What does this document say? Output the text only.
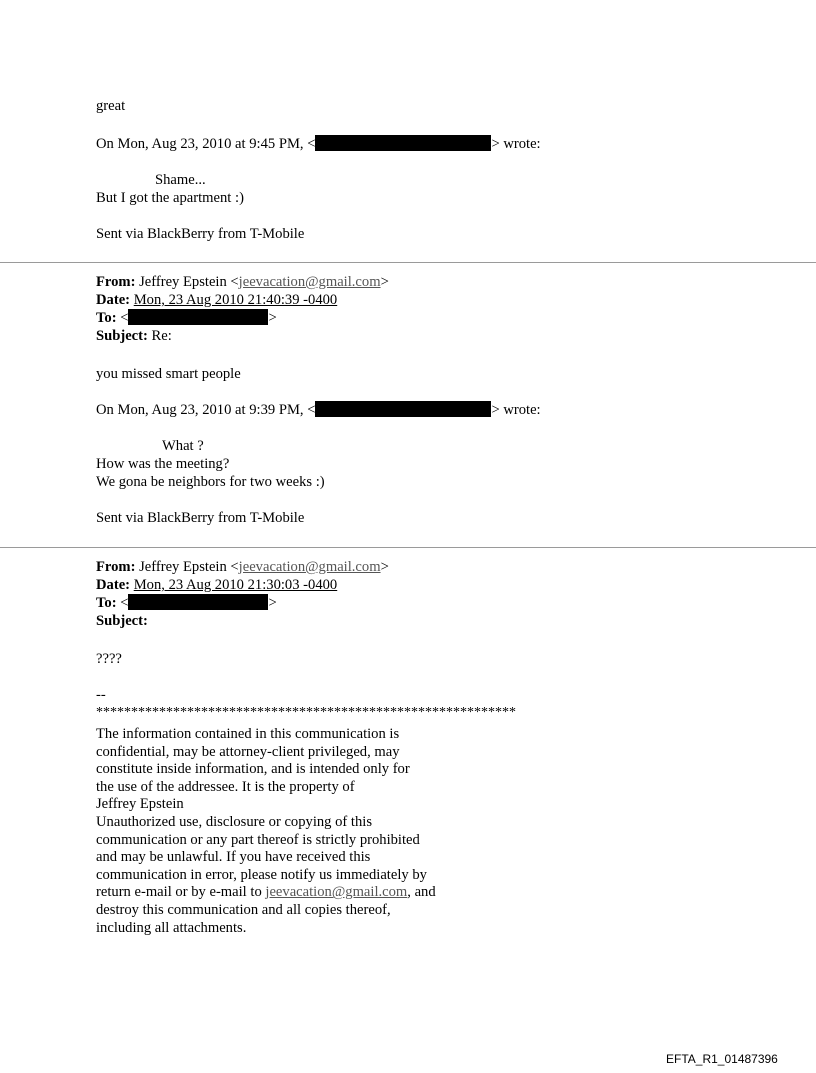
great
On Mon, Aug 23, 2010 at 9:45 PM, <	> wrote:
Shame...
But I got the apartment :)
Sent via BlackBerry from T-Mobile
From: Jeffrey Epstein <jeevacation@gmail.com>
Date: Mon, 23 Aug 2010 21:40:39 -0400
To: <	>
Subject: Re:
you missed smart people
On Mon, Aug 23, 2010 at 9:39 PM, <	> wrote:
What ?
How was the meeting?
We gona be neighbors for two weeks :)
Sent via BlackBerry from T-Mobile
From: Jeffrey Epstein <jeevacation@gmail.com>
Date: Mon, 23 Aug 2010 21:30:03 -0400
To: <	>
Subject:
????
--
************************************************************
The information contained in this communication is
confidential, may be attorney-client privileged, may
constitute inside information, and is intended only for
the use of the addressee. It is the property of
Jeffrey Epstein
Unauthorized use, disclosure or copying of this
communication or any part thereof is strictly prohibited
and may be unlawful. If you have received this
communication in error, please notify us immediately by
return e-mail or by e-mail to jeevacation@gmail.com, and
destroy this communication and all copies thereof,
including all attachments.
EFTA_R1_01487396
